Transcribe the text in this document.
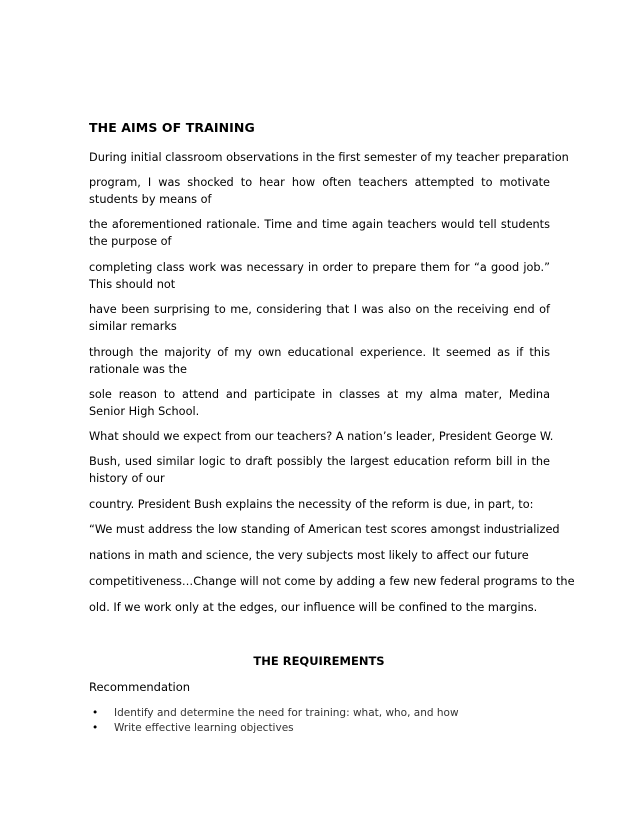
THE AIMS OF TRAINING
During initial classroom observations in the first semester of my teacher preparation
program, I was shocked to hear how often teachers attempted to motivate students by means of
the aforementioned rationale. Time and time again teachers would tell students the purpose of
completing class work was necessary in order to prepare them for “a good job.” This should not
have been surprising to me, considering that I was also on the receiving end of similar remarks
through the majority of my own educational experience. It seemed as if this rationale was the
sole reason to attend and participate in classes at my alma mater, Medina Senior High School.
What should we expect from our teachers? A nation’s leader, President George W.
Bush, used similar logic to draft possibly the largest education reform bill in the history of our
country. President Bush explains the necessity of the reform is due, in part, to:
“We must address the low standing of American test scores amongst industrialized
nations in math and science, the very subjects most likely to affect our future
competitiveness…Change will not come by adding a few new federal programs to the
old. If we work only at the edges, our influence will be confined to the margins.
THE REQUIREMENTS
Recommendation
• Identify and determine the need for training: what, who, and how
• Write effective learning objectives
